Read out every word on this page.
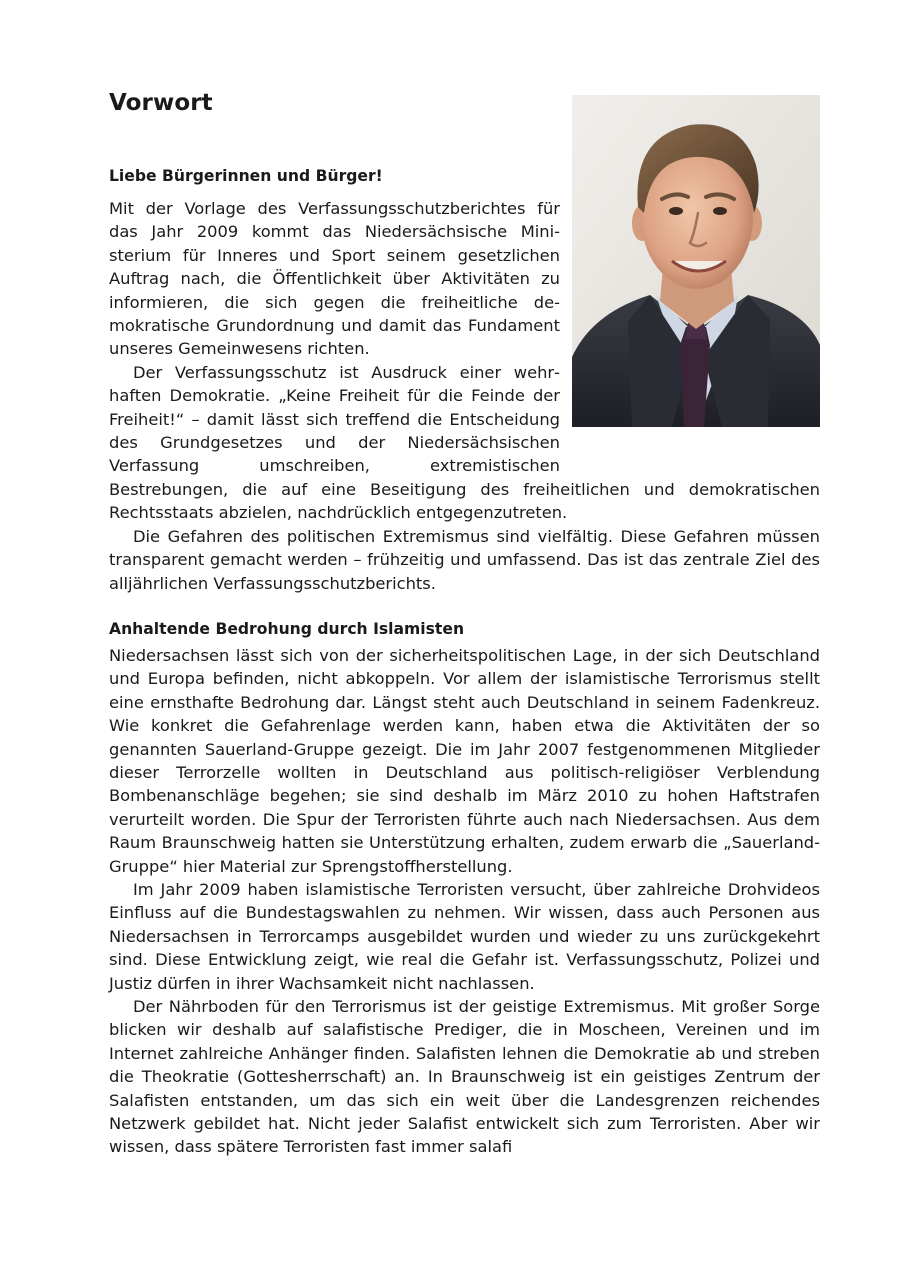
Vorwort
Liebe Bürgerinnen und Bürger!

Mit der Vorlage des Verfassungsschutzberichtes für das Jahr 2009 kommt das Niedersächsische Ministerium für Inneres und Sport seinem gesetzlichen Auftrag nach, die Öffentlichkeit über Aktivitäten zu informieren, die sich gegen die freiheitliche demokratische Grundordnung und damit das Fundament unseres Gemeinwesens richten.

Der Verfassungsschutz ist Ausdruck einer wehrhaften Demokratie. „Keine Freiheit für die Feinde der Freiheit!“ – damit lässt sich treffend die Entscheidung des Grundgesetzes und der Niedersächsischen Verfassung umschreiben, extremistischen Bestrebungen, die auf eine Beseitigung des freiheitlichen und demokratischen Rechtsstaats abzielen, nachdrücklich entgegenzutreten.

Die Gefahren des politischen Extremismus sind vielfältig. Diese Gefahren müssen transparent gemacht werden – frühzeitig und umfassend. Das ist das zentrale Ziel des alljährlichen Verfassungsschutzberichts.

Anhaltende Bedrohung durch Islamisten

Niedersachsen lässt sich von der sicherheitspolitischen Lage, in der sich Deutschland und Europa befinden, nicht abkoppeln. Vor allem der islamistische Terrorismus stellt eine ernsthafte Bedrohung dar. Längst steht auch Deutschland in seinem Fadenkreuz. Wie konkret die Gefahrenlage werden kann, haben etwa die Aktivitäten der so genannten Sauerland-Gruppe gezeigt. Die im Jahr 2007 festgenommenen Mitglieder dieser Terrorzelle wollten in Deutschland aus politisch-religiöser Verblendung Bombenanschläge begehen; sie sind deshalb im März 2010 zu hohen Haftstrafen verurteilt worden. Die Spur der Terroristen führte auch nach Niedersachsen. Aus dem Raum Braunschweig hatten sie Unterstützung erhalten, zudem erwarb die „Sauerland-Gruppe“ hier Material zur Sprengstoffherstellung.

Im Jahr 2009 haben islamistische Terroristen versucht, über zahlreiche Drohvideos Einfluss auf die Bundestagswahlen zu nehmen. Wir wissen, dass auch Personen aus Niedersachsen in Terrorcamps ausgebildet wurden und wieder zu uns zurückgekehrt sind. Diese Entwicklung zeigt, wie real die Gefahr ist. Verfassungsschutz, Polizei und Justiz dürfen in ihrer Wachsamkeit nicht nachlassen.

Der Nährboden für den Terrorismus ist der geistige Extremismus. Mit großer Sorge blicken wir deshalb auf salafistische Prediger, die in Moscheen, Vereinen und im Internet zahlreiche Anhänger finden. Salafisten lehnen die Demokratie ab und streben die Theokratie (Gottesherrschaft) an. In Braunschweig ist ein geistiges Zentrum der Salafisten entstanden, um das sich ein weit über die Landesgrenzen reichendes Netzwerk gebildet hat. Nicht jeder Salafist entwickelt sich zum Terroristen. Aber wir wissen, dass spätere Terroristen fast immer salafi
